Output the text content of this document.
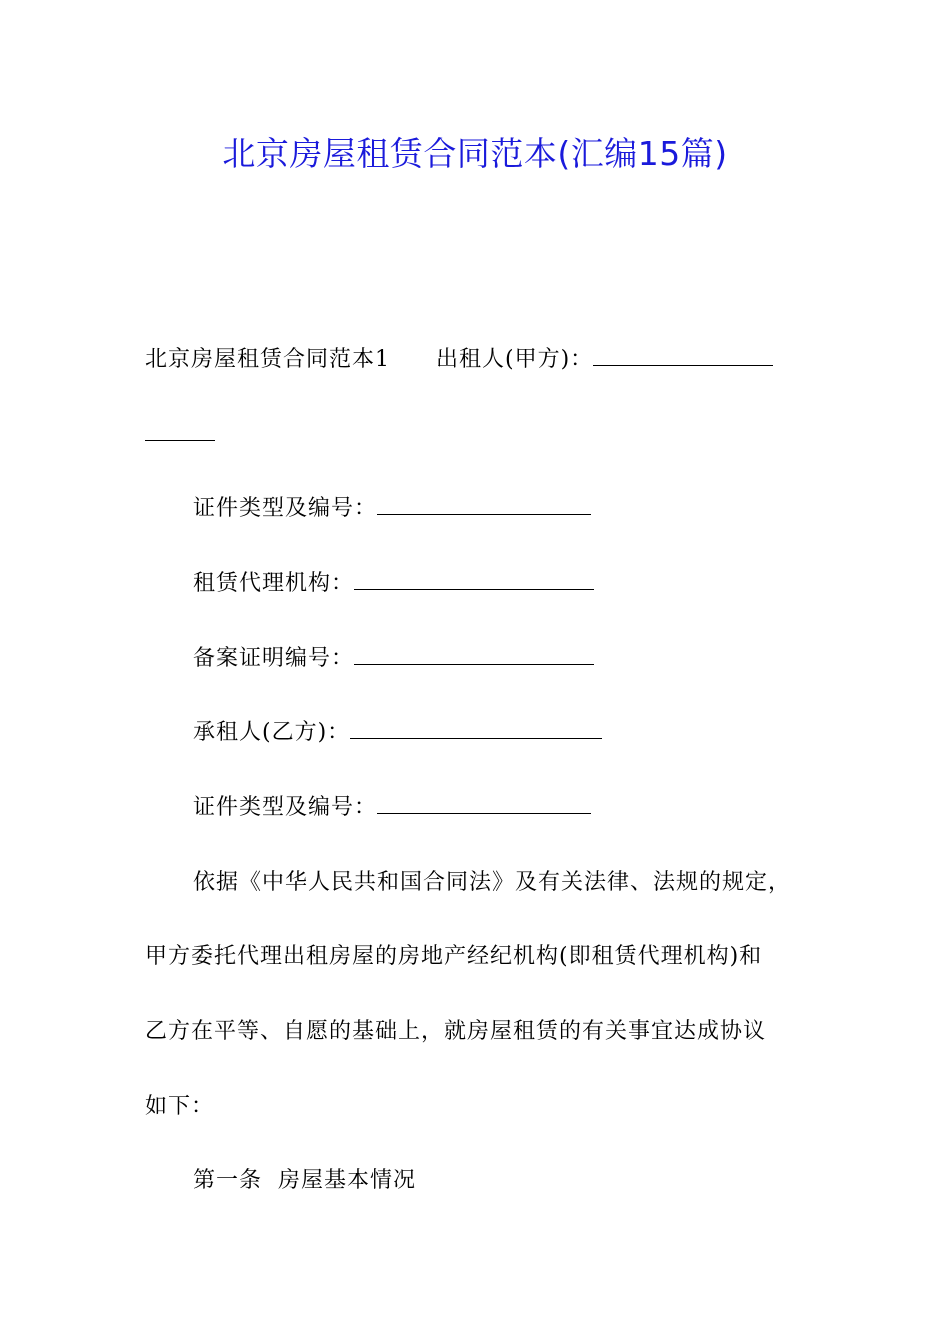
北京房屋租赁合同范本(汇编15篇)
北京房屋租赁合同范本1 出租人(甲方)：
证件类型及编号：
租赁代理机构：
备案证明编号：
承租人(乙方)：
证件类型及编号：
依据《中华人民共和国合同法》及有关法律、法规的规定，
甲方委托代理出租房屋的房地产经纪机构(即租赁代理机构)和
乙方在平等、自愿的基础上，就房屋租赁的有关事宜达成协议
如下：
第一条  房屋基本情况
